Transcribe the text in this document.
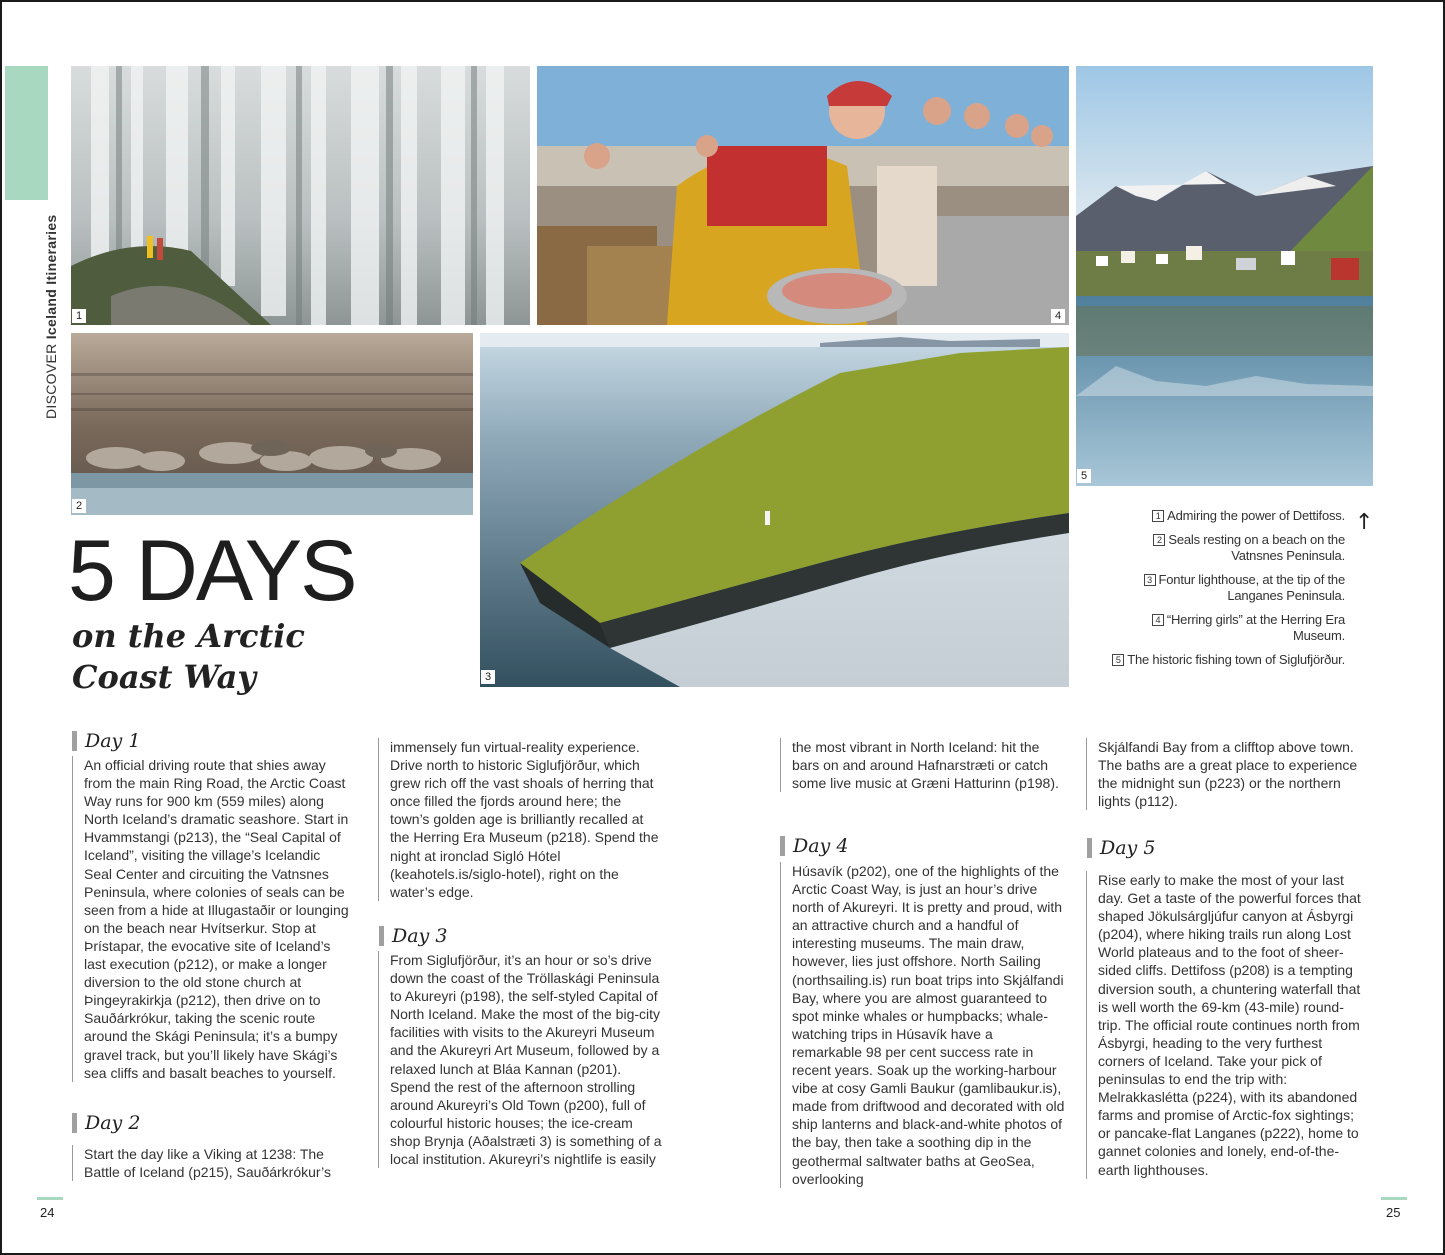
DISCOVER Iceland Itineraries	1	4
5
2
3
5 DAYS
on the Arctic Coast Way
1 Admiring the power of Dettifoss.
2 Seals resting on a beach on the Vatnsnes Peninsula.
3 Fontur lighthouse, at the tip of the Langanes Peninsula.
4 “Herring girls” at the Herring Era Museum.
5 The historic fishing town of Siglufjörður.
↑
Day 1

An official driving route that shies away from the main Ring Road, the Arctic Coast Way runs for 900 km (559 miles) along North Iceland’s dramatic seashore. Start in Hvammstangi (p213), the “Seal Capital of Iceland”, visiting the village’s Icelandic Seal Center and circuiting the Vatnsnes Peninsula, where colonies of seals can be seen from a hide at Illugastaðir or lounging on the beach near Hvítserkur. Stop at Þrístapar, the evocative site of Iceland’s last execution (p212), or make a longer diversion to the old stone church at Þingeyrakirkja (p212), then drive on to Sauðárkrókur, taking the scenic route around the Skági Peninsula; it’s a bumpy gravel track, but you’ll likely have Skági’s sea cliffs and basalt beaches to yourself.

Day 2

Start the day like a Viking at 1238: The Battle of Iceland (p215), Sauðárkrókur’s

immensely fun virtual-reality experience. Drive north to historic Siglufjörður, which grew rich off the vast shoals of herring that once filled the fjords around here; the town’s golden age is brilliantly recalled at the Herring Era Museum (p218). Spend the night at ironclad Sigló Hótel (keahotels.is/siglo-hotel), right on the water’s edge.

Day 3

From Siglufjörður, it’s an hour or so’s drive down the coast of the Tröllaskági Peninsula to Akureyri (p198), the self-styled Capital of North Iceland. Make the most of the big-city facilities with visits to the Akureyri Museum and the Akureyri Art Museum, followed by a relaxed lunch at Bláa Kannan (p201). Spend the rest of the afternoon strolling around Akureyri’s Old Town (p200), full of colourful historic houses; the ice-cream shop Brynja (Aðalstræti 3) is something of a local institution. Akureyri’s nightlife is easily

the most vibrant in North Iceland: hit the bars on and around Hafnarstræti or catch some live music at Græni Hatturinn (p198).

Day 4

Húsavík (p202), one of the highlights of the Arctic Coast Way, is just an hour’s drive north of Akureyri. It is pretty and proud, with an attractive church and a handful of interesting museums. The main draw, however, lies just offshore. North Sailing (northsailing.is) run boat trips into Skjálfandi Bay, where you are almost guaranteed to spot minke whales or humpbacks; whale-watching trips in Húsavík have a remarkable 98 per cent success rate in recent years. Soak up the working-harbour vibe at cosy Gamli Baukur (gamlibaukur.is), made from driftwood and decorated with old ship lanterns and black-and-white photos of the bay, then take a soothing dip in the geothermal saltwater baths at GeoSea, overlooking

Skjálfandi Bay from a clifftop above town. The baths are a great place to experience the midnight sun (p223) or the northern lights (p112).

Day 5

Rise early to make the most of your last day. Get a taste of the powerful forces that shaped Jökulsárgljúfur canyon at Ásbyrgi (p204), where hiking trails run along Lost World plateaus and to the foot of sheer-sided cliffs. Dettifoss (p208) is a tempting diversion south, a chuntering waterfall that is well worth the 69-km (43-mile) round-trip. The official route continues north from Ásbyrgi, heading to the very furthest corners of Iceland. Take your pick of peninsulas to end the trip with: Melrakkaslétta (p224), with its abandoned farms and promise of Arctic-fox sightings; or pancake-flat Langanes (p222), home to gannet colonies and lonely, end-of-the-earth lighthouses.

24	25
